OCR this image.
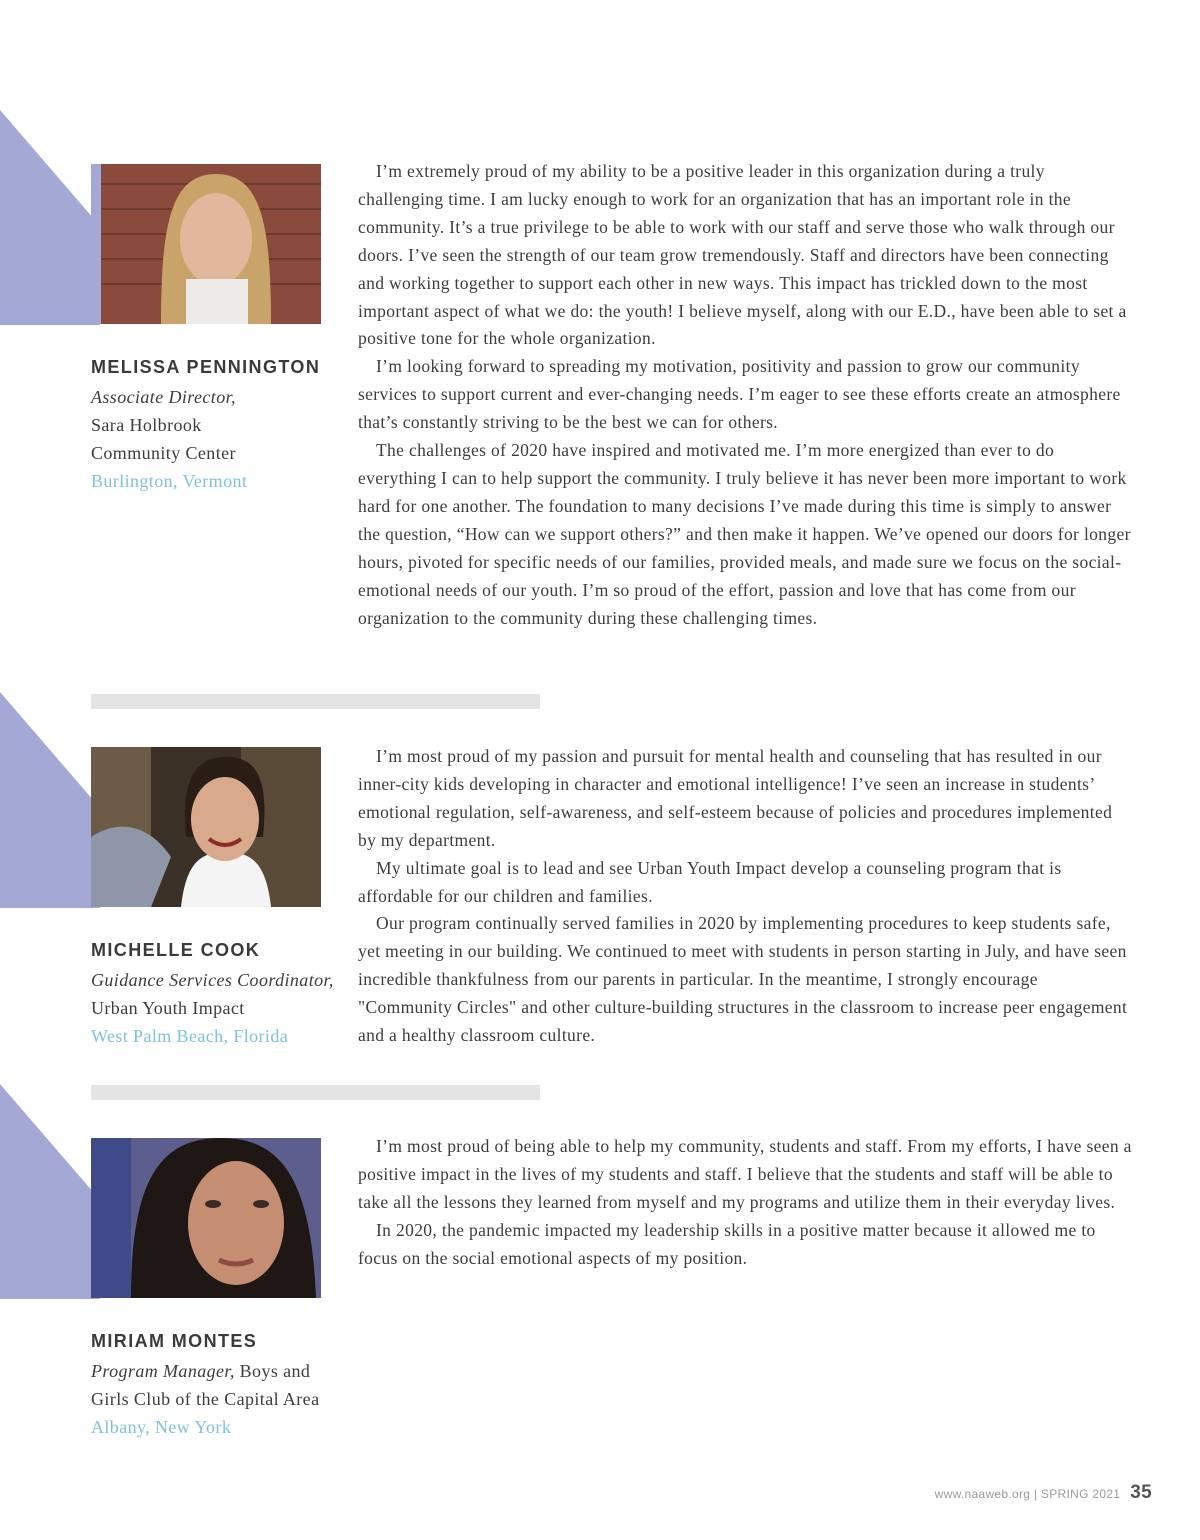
MELISSA PENNINGTON
Associate Director,
Sara Holbrook
Community Center
Burlington, Vermont

I’m extremely proud of my ability to be a positive leader in this organization during a truly challenging time. I am lucky enough to work for an organization that has an important role in the community. It’s a true privilege to be able to work with our staff and serve those who walk through our doors. I’ve seen the strength of our team grow tremendously. Staff and directors have been connecting and working together to support each other in new ways. This impact has trickled down to the most important aspect of what we do: the youth! I believe myself, along with our E.D., have been able to set a positive tone for the whole organization.

I’m looking forward to spreading my motivation, positivity and passion to grow our community services to support current and ever-changing needs. I’m eager to see these efforts create an atmosphere that’s constantly striving to be the best we can for others.

The challenges of 2020 have inspired and motivated me. I’m more energized than ever to do everything I can to help support the community. I truly believe it has never been more important to work hard for one another. The foundation to many decisions I’ve made during this time is simply to answer the question, “How can we support others?” and then make it happen. We’ve opened our doors for longer hours, pivoted for specific needs of our families, provided meals, and made sure we focus on the social-emotional needs of our youth. I’m so proud of the effort, passion and love that has come from our organization to the community during these challenging times.

MICHELLE COOK
Guidance Services Coordinator,
Urban Youth Impact
West Palm Beach, Florida

I’m most proud of my passion and pursuit for mental health and counseling that has resulted in our inner-city kids developing in character and emotional intelligence! I’ve seen an increase in students’ emotional regulation, self-awareness, and self-esteem because of policies and procedures implemented by my department.

My ultimate goal is to lead and see Urban Youth Impact develop a counseling program that is affordable for our children and families.

Our program continually served families in 2020 by implementing procedures to keep students safe, yet meeting in our building. We continued to meet with students in person starting in July, and have seen incredible thankfulness from our parents in particular. In the meantime, I strongly encourage "Community Circles" and other culture-building structures in the classroom to increase peer engagement and a healthy classroom culture.

MIRIAM MONTES
Program Manager, Boys and
Girls Club of the Capital Area
Albany, New York

I’m most proud of being able to help my community, students and staff. From my efforts, I have seen a positive impact in the lives of my students and staff. I believe that the students and staff will be able to take all the lessons they learned from myself and my programs and utilize them in their everyday lives.

In 2020, the pandemic impacted my leadership skills in a positive matter because it allowed me to focus on the social emotional aspects of my position.

www.naaweb.org | SPRING 2021 35
